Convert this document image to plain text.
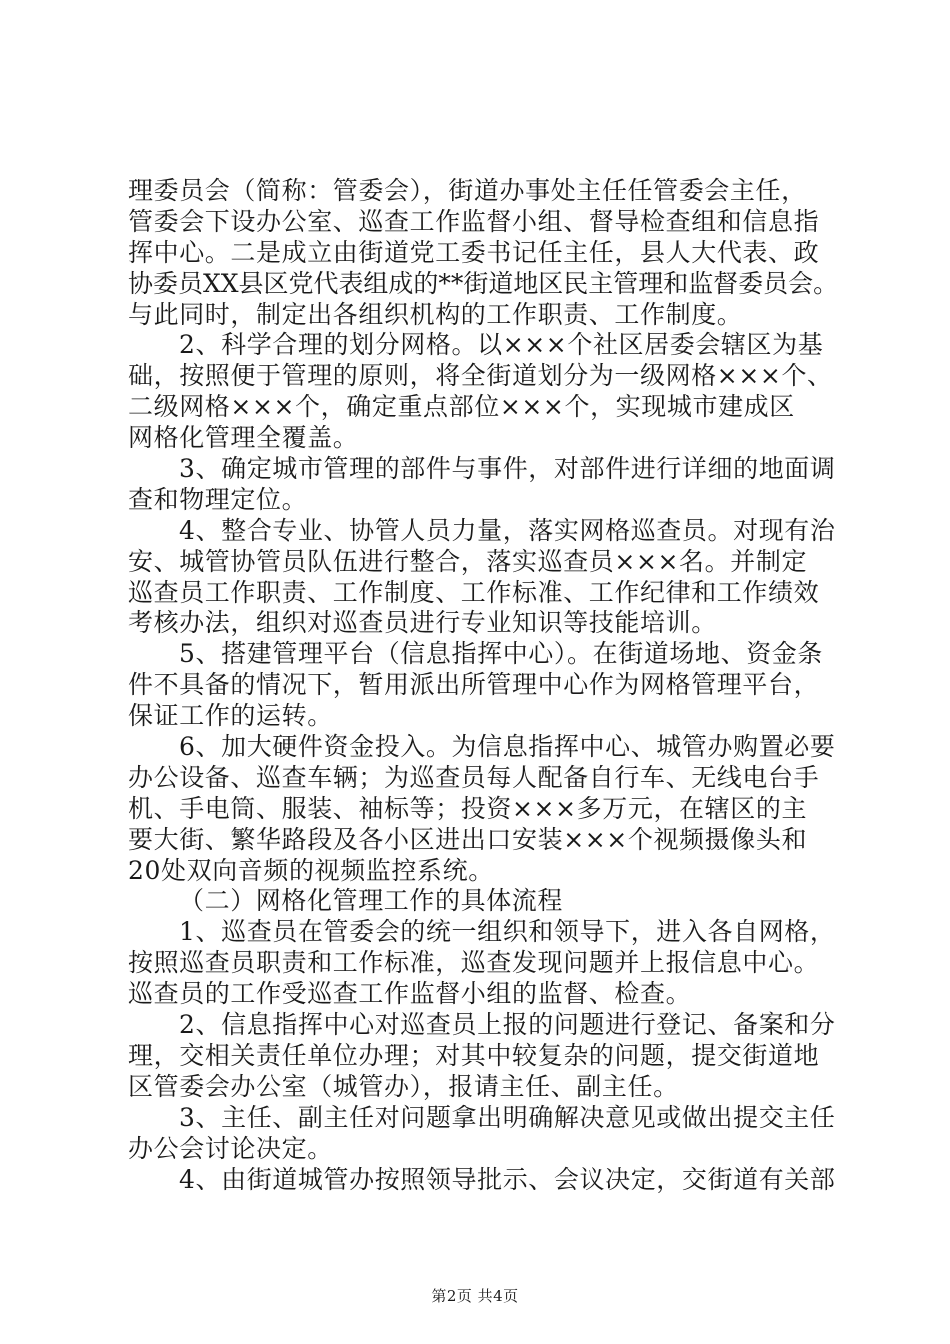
理委员会（简称：管委会），街道办事处主任任管委会主任，
管委会下设办公室、巡查工作监督小组、督导检查组和信息指
挥中心。二是成立由街道党工委书记任主任，县人大代表、政
协委员XX县区党代表组成的**街道地区民主管理和监督委员会。
与此同时，制定出各组织机构的工作职责、工作制度。
2、科学合理的划分网格。以×××个社区居委会辖区为基
础，按照便于管理的原则，将全街道划分为一级网格×××个、
二级网格×××个，确定重点部位×××个，实现城市建成区
网格化管理全覆盖。
3、确定城市管理的部件与事件，对部件进行详细的地面调
查和物理定位。
4、整合专业、协管人员力量，落实网格巡查员。对现有治
安、城管协管员队伍进行整合，落实巡查员×××名。并制定
巡查员工作职责、工作制度、工作标准、工作纪律和工作绩效
考核办法，组织对巡查员进行专业知识等技能培训。
5、搭建管理平台（信息指挥中心）。在街道场地、资金条
件不具备的情况下，暂用派出所管理中心作为网格管理平台，
保证工作的运转。
6、加大硬件资金投入。为信息指挥中心、城管办购置必要
办公设备、巡查车辆；为巡查员每人配备自行车、无线电台手
机、手电筒、服装、袖标等；投资×××多万元，在辖区的主
要大街、繁华路段及各小区进出口安装×××个视频摄像头和
20处双向音频的视频监控系统。
（二）网格化管理工作的具体流程
1、巡查员在管委会的统一组织和领导下，进入各自网格，
按照巡查员职责和工作标准，巡查发现问题并上报信息中心。
巡查员的工作受巡查工作监督小组的监督、检查。
2、信息指挥中心对巡查员上报的问题进行登记、备案和分
理，交相关责任单位办理；对其中较复杂的问题，提交街道地
区管委会办公室（城管办），报请主任、副主任。
3、主任、副主任对问题拿出明确解决意见或做出提交主任
办公会讨论决定。
4、由街道城管办按照领导批示、会议决定，交街道有关部
第2页 共4页
